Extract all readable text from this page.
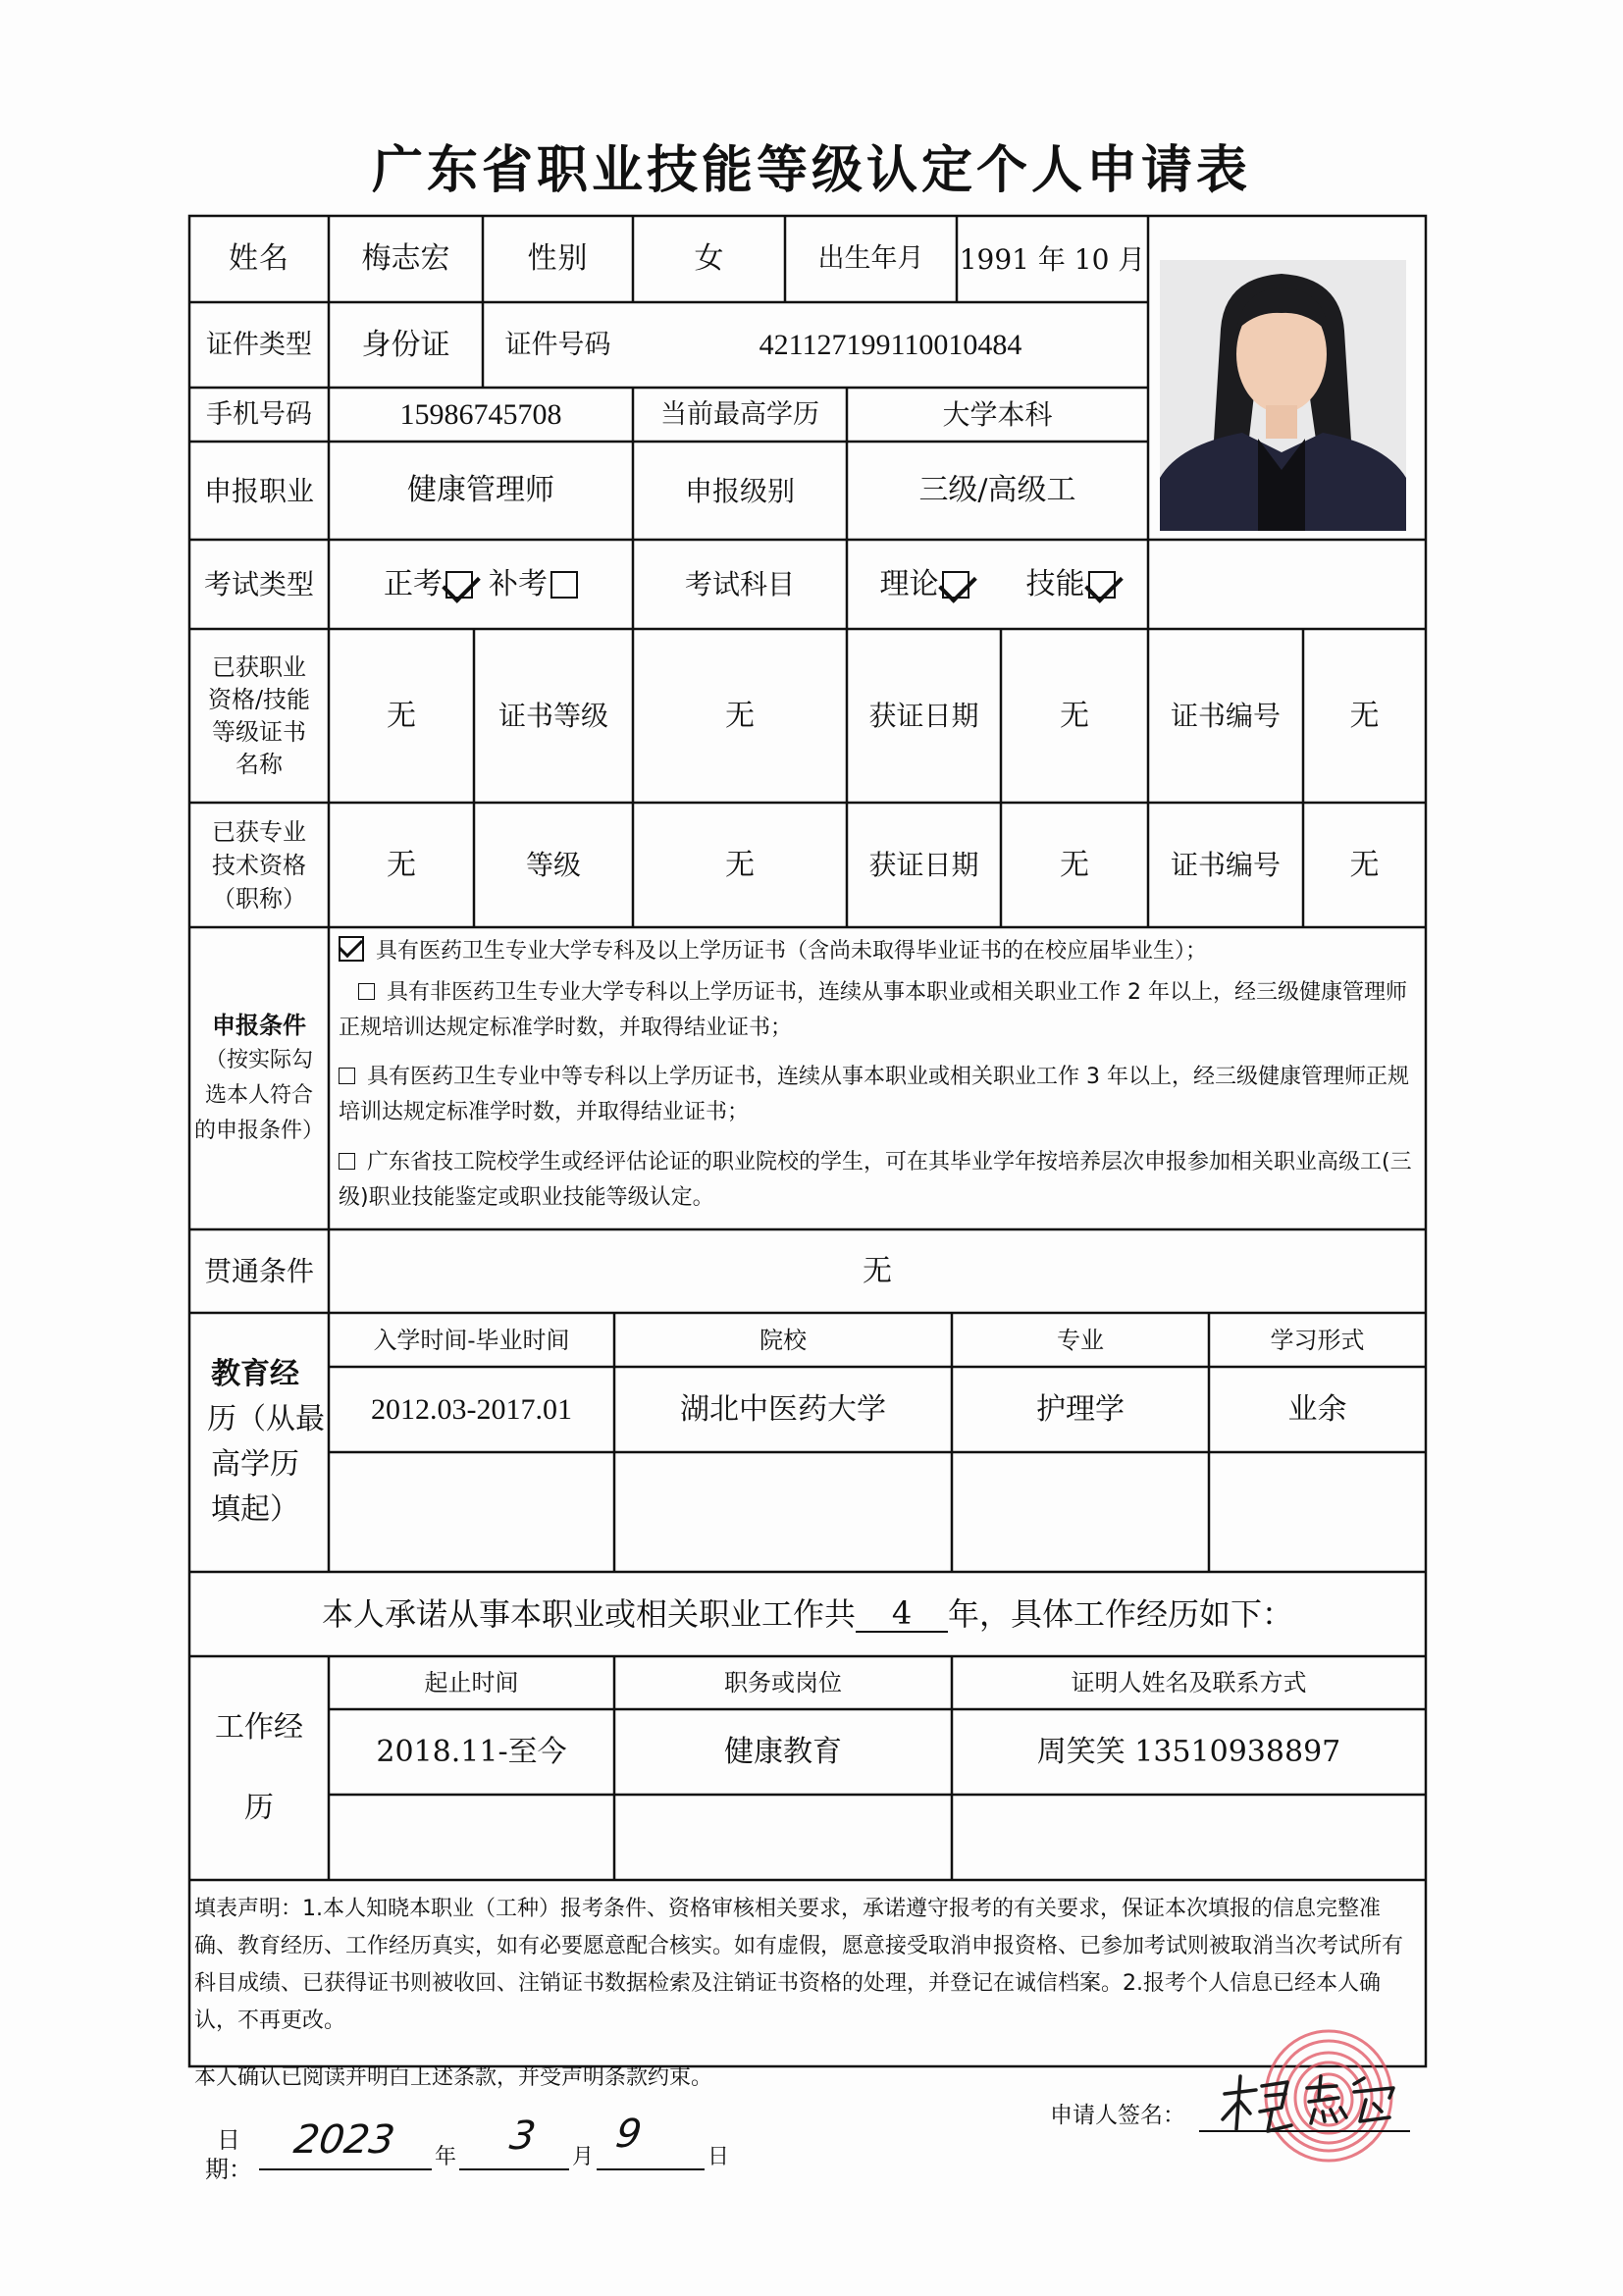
广东省职业技能等级认定个人申请表
姓名	梅志宏	性别	女	出生年月	1991 年 10 月
证件类型	身份证	证件号码	421127199110010484
手机号码	15986745708	当前最高学历	大学本科
申报职业	健康管理师	申报级别	三级/高级工
考试类型	正考 补考	考试科目	理论	技能
已获职业
资格/技能
等级证书
名称
无	证书等级	无	获证日期	无	证书编号	无
已获专业
技术资格
（职称）
无	等级	无	获证日期	无	证书编号	无
申报条件
（按实际勾
选本人符合
的申报条件）
具有医药卫生专业大学专科及以上学历证书（含尚未取得毕业证书的在校应届毕业生）；
具有非医药卫生专业大学专科以上学历证书，连续从事本职业或相关职业工作 2 年以上，经三级健康管理师正规培训达规定标准学时数，并取得结业证书；
具有医药卫生专业中等专科以上学历证书，连续从事本职业或相关职业工作 3 年以上，经三级健康管理师正规培训达规定标准学时数，并取得结业证书；
广东省技工院校学生或经评估论证的职业院校的学生，可在其毕业学年按培养层次申报参加相关职业高级工(三级)职业技能鉴定或职业技能等级认定。
贯通条件	无
教育经
历（从最
高学历
填起）
入学时间-毕业时间	院校	专业	学习形式
2012.03-2017.01	湖北中医药大学	护理学	业余
本人承诺从事本职业或相关职业工作共	4	年，具体工作经历如下：
工作经
历
起止时间	职务或岗位	证明人姓名及联系方式
2018.11-至今	健康教育	周笑笑 13510938897
填表声明：1.本人知晓本职业（工种）报考条件、资格审核相关要求，承诺遵守报考的有关要求，保证本次填报的信息完整准确、教育经历、工作经历真实，如有必要愿意配合核实。如有虚假，愿意接受取消申报资格、已参加考试则被取消当次考试所有科目成绩、已获得证书则被收回、注销证书数据检索及注销证书资格的处理，并登记在诚信档案。2.报考个人信息已经本人确认，不再更改。
本人确认已阅读并明白上述条款，并受声明条款约束。
申请人签名：
日期：
2023 年 3 月
9
日
